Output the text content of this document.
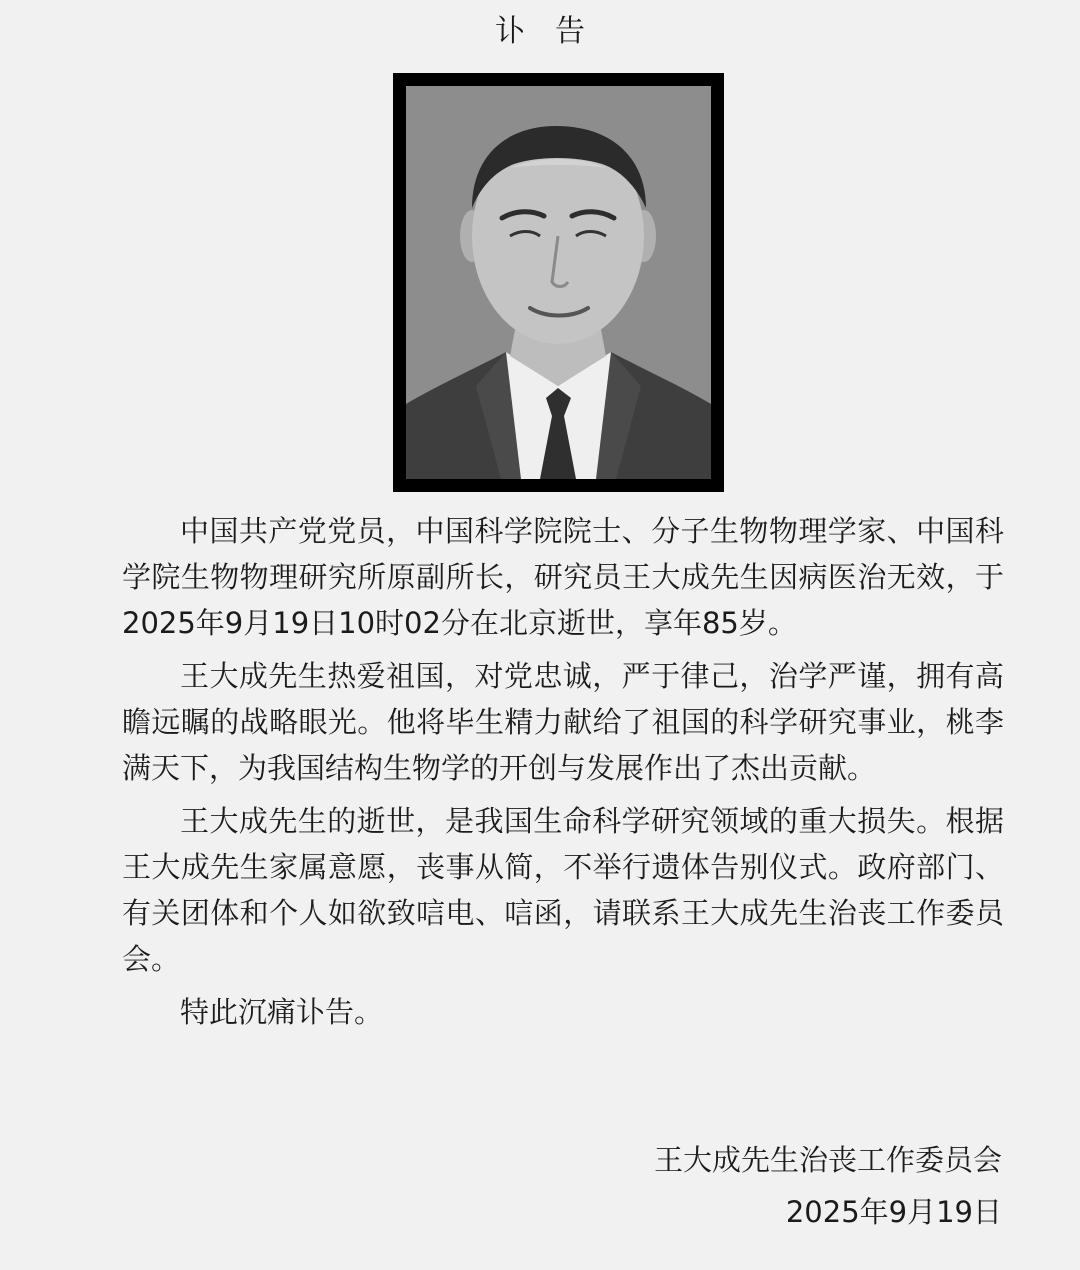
讣　告

中国共产党党员，中国科学院院士、分子生物物理学家、中国科学院生物物理研究所原副所长，研究员王大成先生因病医治无效，于2025年9月19日10时02分在北京逝世，享年85岁。

王大成先生热爱祖国，对党忠诚，严于律己，治学严谨，拥有高瞻远瞩的战略眼光。他将毕生精力献给了祖国的科学研究事业，桃李满天下，为我国结构生物学的开创与发展作出了杰出贡献。

王大成先生的逝世，是我国生命科学研究领域的重大损失。根据王大成先生家属意愿，丧事从简，不举行遗体告别仪式。政府部门、有关团体和个人如欲致唁电、唁函，请联系王大成先生治丧工作委员会。

特此沉痛讣告。

王大成先生治丧工作委员会
2025年9月19日
